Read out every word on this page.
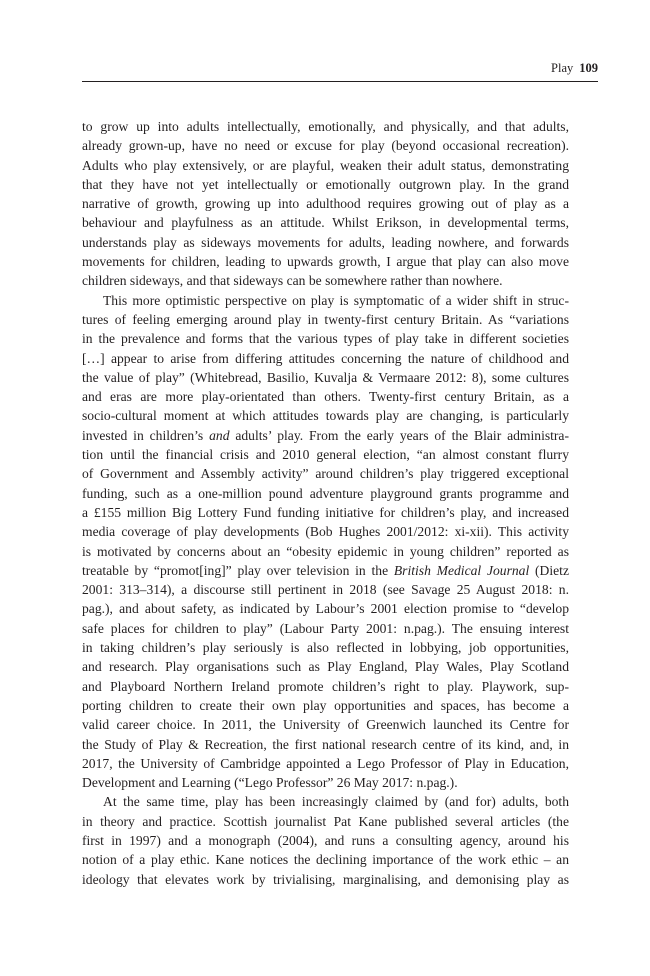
Play 109
to grow up into adults intellectually, emotionally, and physically, and that adults,
already grown-up, have no need or excuse for play (beyond occasional recreation).
Adults who play extensively, or are playful, weaken their adult status, demonstrating
that they have not yet intellectually or emotionally outgrown play. In the grand
narrative of growth, growing up into adulthood requires growing out of play as a
behaviour and playfulness as an attitude. Whilst Erikson, in developmental terms,
understands play as sideways movements for adults, leading nowhere, and forwards
movements for children, leading to upwards growth, I argue that play can also move
children sideways, and that sideways can be somewhere rather than nowhere.
This more optimistic perspective on play is symptomatic of a wider shift in struc-
tures of feeling emerging around play in twenty-first century Britain. As “variations
in the prevalence and forms that the various types of play take in different societies
[…] appear to arise from differing attitudes concerning the nature of childhood and
the value of play” (Whitebread, Basilio, Kuvalja & Vermaare 2012: 8), some cultures
and eras are more play-orientated than others. Twenty-first century Britain, as a
socio-cultural moment at which attitudes towards play are changing, is particularly
invested in children’s and adults’ play. From the early years of the Blair administra-
tion until the financial crisis and 2010 general election, “an almost constant flurry
of Government and Assembly activity” around children’s play triggered exceptional
funding, such as a one-million pound adventure playground grants programme and
a £155 million Big Lottery Fund funding initiative for children’s play, and increased
media coverage of play developments (Bob Hughes 2001/2012: xi-xii). This activity
is motivated by concerns about an “obesity epidemic in young children” reported as
treatable by “promot[ing]” play over television in the British Medical Journal (Dietz
2001: 313–314), a discourse still pertinent in 2018 (see Savage 25 August 2018: n.
pag.), and about safety, as indicated by Labour’s 2001 election promise to “develop
safe places for children to play” (Labour Party 2001: n.pag.). The ensuing interest
in taking children’s play seriously is also reflected in lobbying, job opportunities,
and research. Play organisations such as Play England, Play Wales, Play Scotland
and Playboard Northern Ireland promote children’s right to play. Playwork, sup-
porting children to create their own play opportunities and spaces, has become a
valid career choice. In 2011, the University of Greenwich launched its Centre for
the Study of Play & Recreation, the first national research centre of its kind, and, in
2017, the University of Cambridge appointed a Lego Professor of Play in Education,
Development and Learning (“Lego Professor” 26 May 2017: n.pag.).
At the same time, play has been increasingly claimed by (and for) adults, both
in theory and practice. Scottish journalist Pat Kane published several articles (the
first in 1997) and a monograph (2004), and runs a consulting agency, around his
notion of a play ethic. Kane notices the declining importance of the work ethic – an
ideology that elevates work by trivialising, marginalising, and demonising play as
